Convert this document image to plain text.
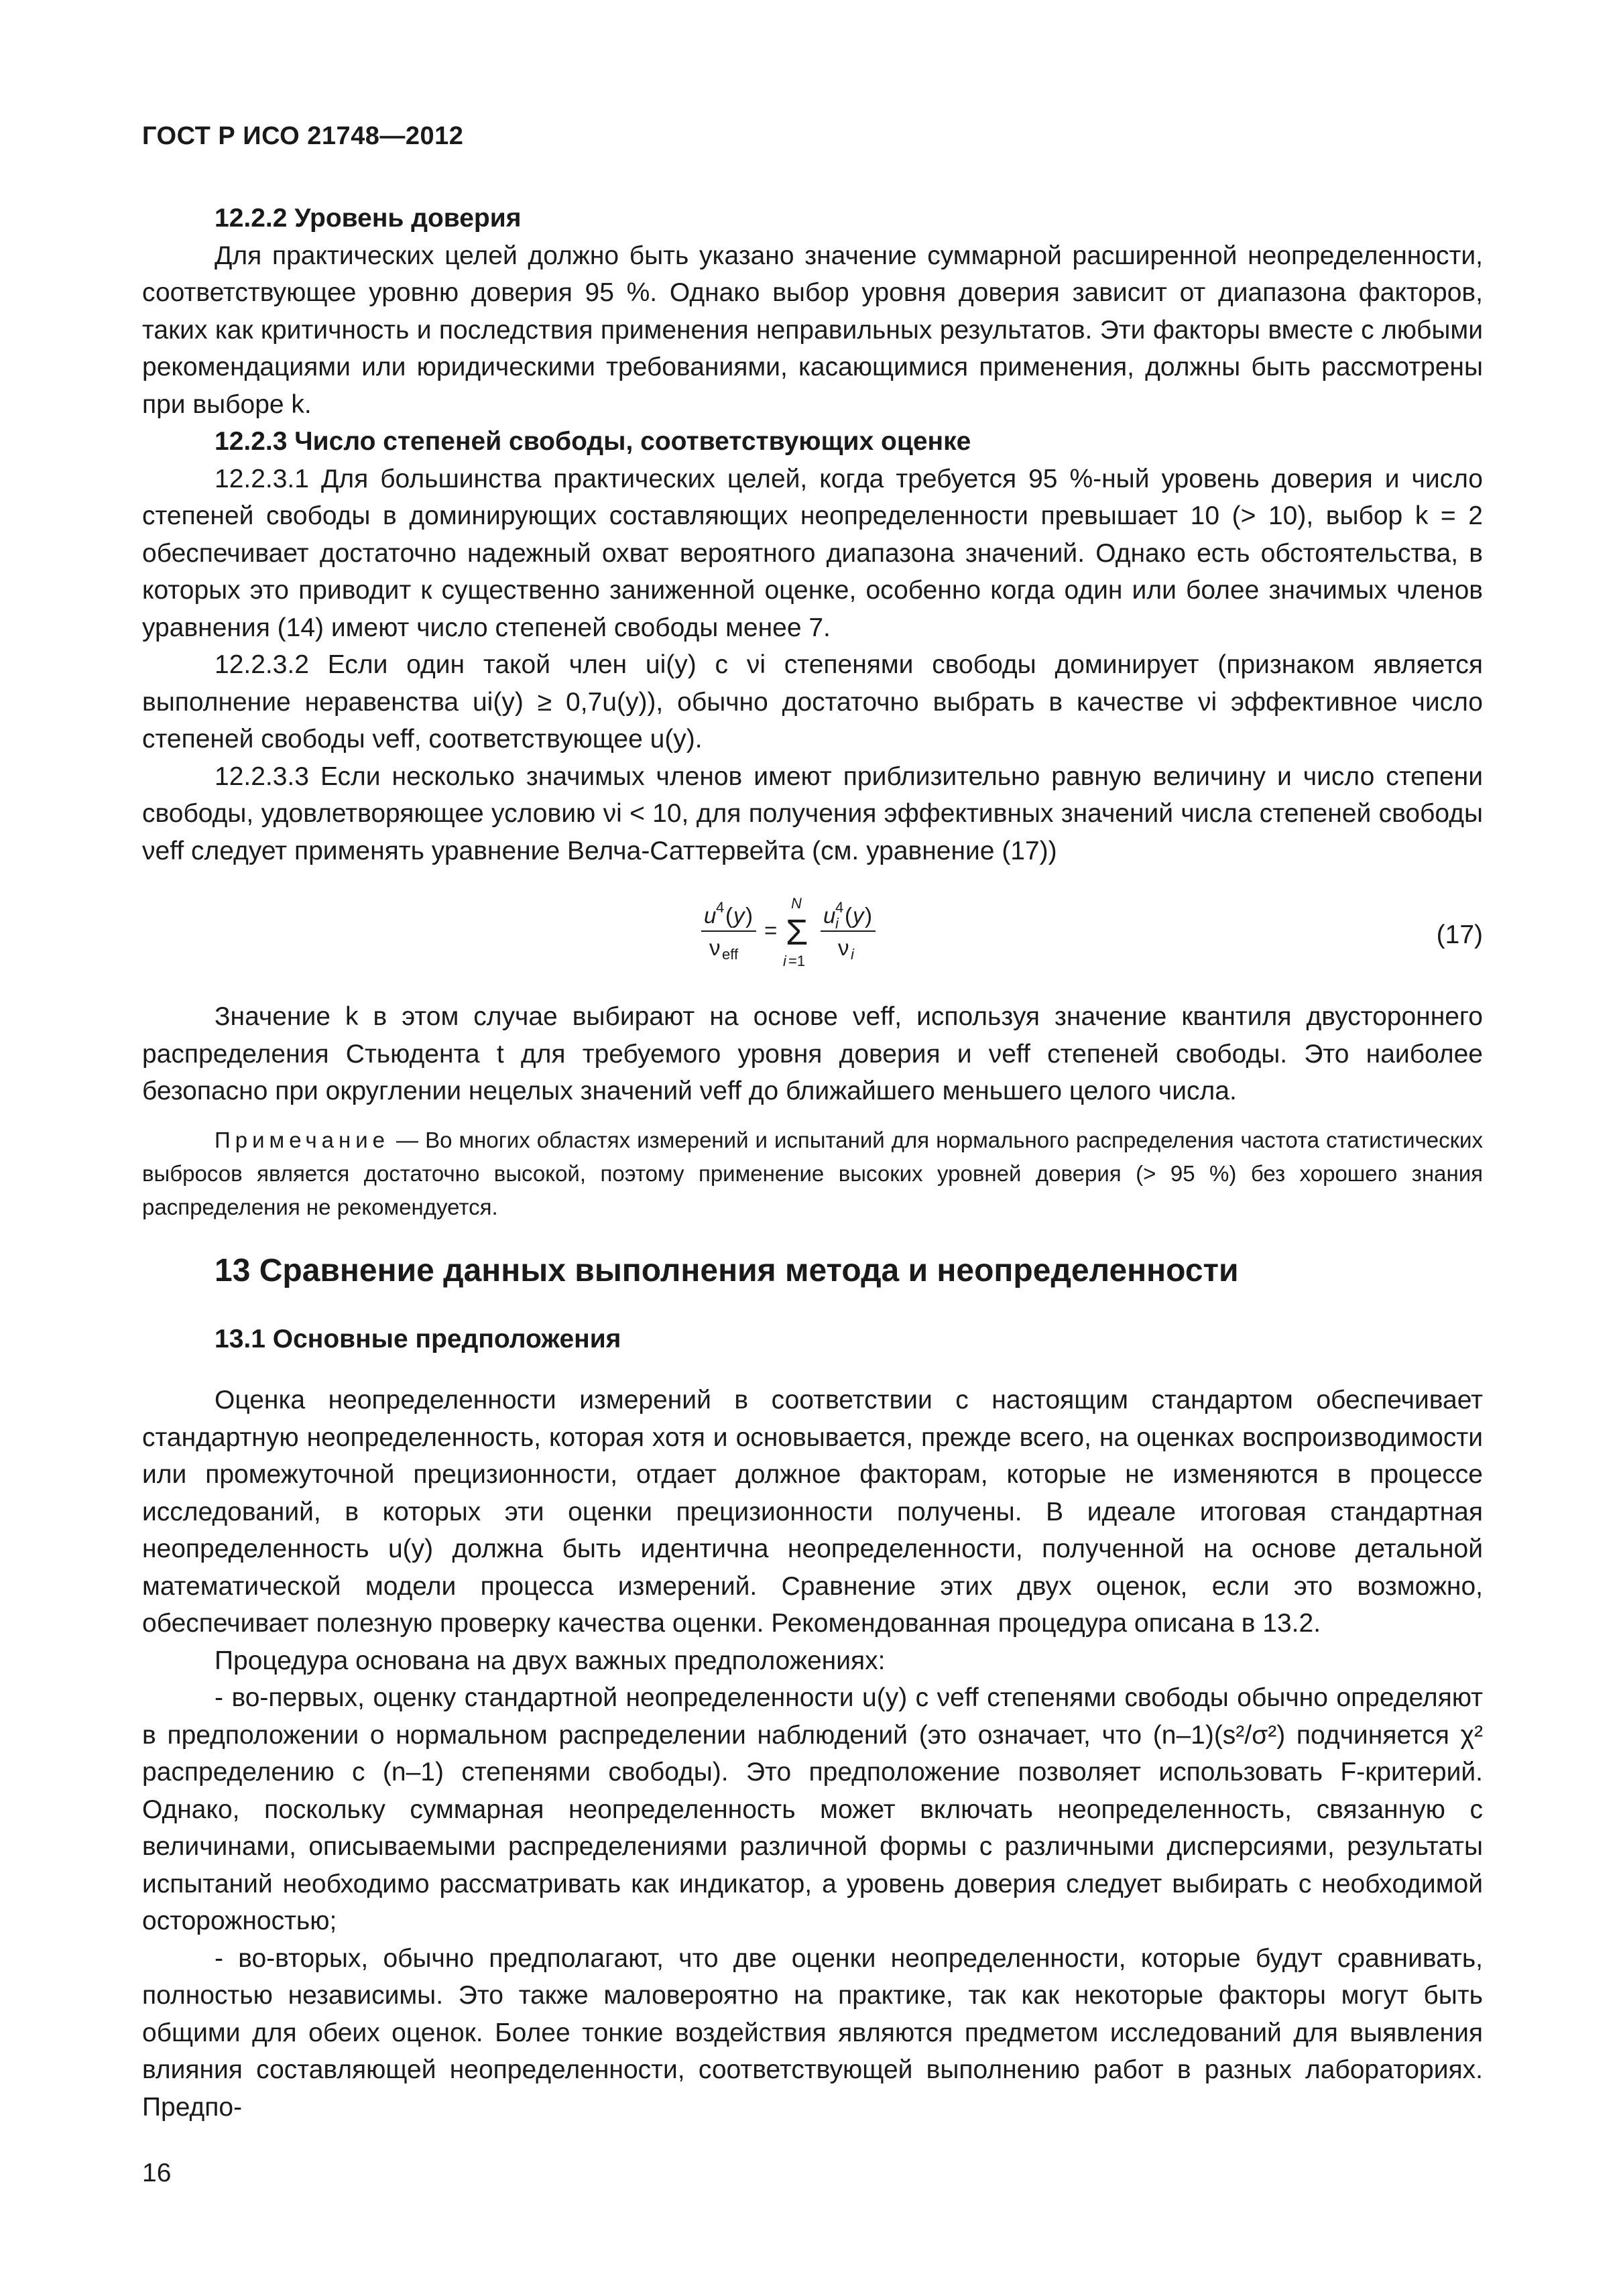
ГОСТ Р ИСО 21748—2012
12.2.2 Уровень доверия
Для практических целей должно быть указано значение суммарной расширенной неопределенности, соответствующее уровню доверия 95 %. Однако выбор уровня доверия зависит от диапазона факторов, таких как критичность и последствия применения неправильных результатов. Эти факторы вместе с любыми рекомендациями или юридическими требованиями, касающимися применения, должны быть рассмотрены при выборе k.
12.2.3 Число степеней свободы, соответствующих оценке
12.2.3.1 Для большинства практических целей, когда требуется 95 %-ный уровень доверия и число степеней свободы в доминирующих составляющих неопределенности превышает 10 (> 10), выбор k = 2 обеспечивает достаточно надежный охват вероятного диапазона значений. Однако есть обстоятельства, в которых это приводит к существенно заниженной оценке, особенно когда один или более значимых членов уравнения (14) имеют число степеней свободы менее 7.
12.2.3.2 Если один такой член ui(y) с νi степенями свободы доминирует (признаком является выполнение неравенства ui(y) ≥ 0,7u(y)), обычно достаточно выбрать в качестве νi эффективное число степеней свободы νeff, соответствующее u(y).
12.2.3.3 Если несколько значимых членов имеют приблизительно равную величину и число степени свободы, удовлетворяющее условию νi < 10, для получения эффективных значений числа степеней свободы νeff следует применять уравнение Велча-Саттервейта (см. уравнение (17))
u 4 ( y )
ν eff
=
N
Σ
i =1
u 4
i ( y )
ν i
(17)
Значение k в этом случае выбирают на основе νeff, используя значение квантиля двустороннего распределения Стьюдента t для требуемого уровня доверия и νeff степеней свободы. Это наиболее безопасно при округлении нецелых значений νeff до ближайшего меньшего целого числа.
Примечание — Во многих областях измерений и испытаний для нормального распределения частота статистических выбросов является достаточно высокой, поэтому применение высоких уровней доверия (> 95 %) без хорошего знания распределения не рекомендуется.
13 Сравнение данных выполнения метода и неопределенности
13.1 Основные предположения
Оценка неопределенности измерений в соответствии с настоящим стандартом обеспечивает стандартную неопределенность, которая хотя и основывается, прежде всего, на оценках воспроизводимости или промежуточной прецизионности, отдает должное факторам, которые не изменяются в процессе исследований, в которых эти оценки прецизионности получены. В идеале итоговая стандартная неопределенность u(y) должна быть идентична неопределенности, полученной на основе детальной математической модели процесса измерений. Сравнение этих двух оценок, если это возможно, обеспечивает полезную проверку качества оценки. Рекомендованная процедура описана в 13.2.
Процедура основана на двух важных предположениях:
- во-первых, оценку стандартной неопределенности u(y) с νeff степенями свободы обычно определяют в предположении о нормальном распределении наблюдений (это означает, что (n–1)(s²/σ²) подчиняется χ² распределению с (n–1) степенями свободы). Это предположение позволяет использовать F-критерий. Однако, поскольку суммарная неопределенность может включать неопределенность, связанную с величинами, описываемыми распределениями различной формы с различными дисперсиями, результаты испытаний необходимо рассматривать как индикатор, а уровень доверия следует выбирать с необходимой осторожностью;
- во-вторых, обычно предполагают, что две оценки неопределенности, которые будут сравнивать, полностью независимы. Это также маловероятно на практике, так как некоторые факторы могут быть общими для обеих оценок. Более тонкие воздействия являются предметом исследований для выявления влияния составляющей неопределенности, соответствующей выполнению работ в разных лабораториях. Предпо-
16
